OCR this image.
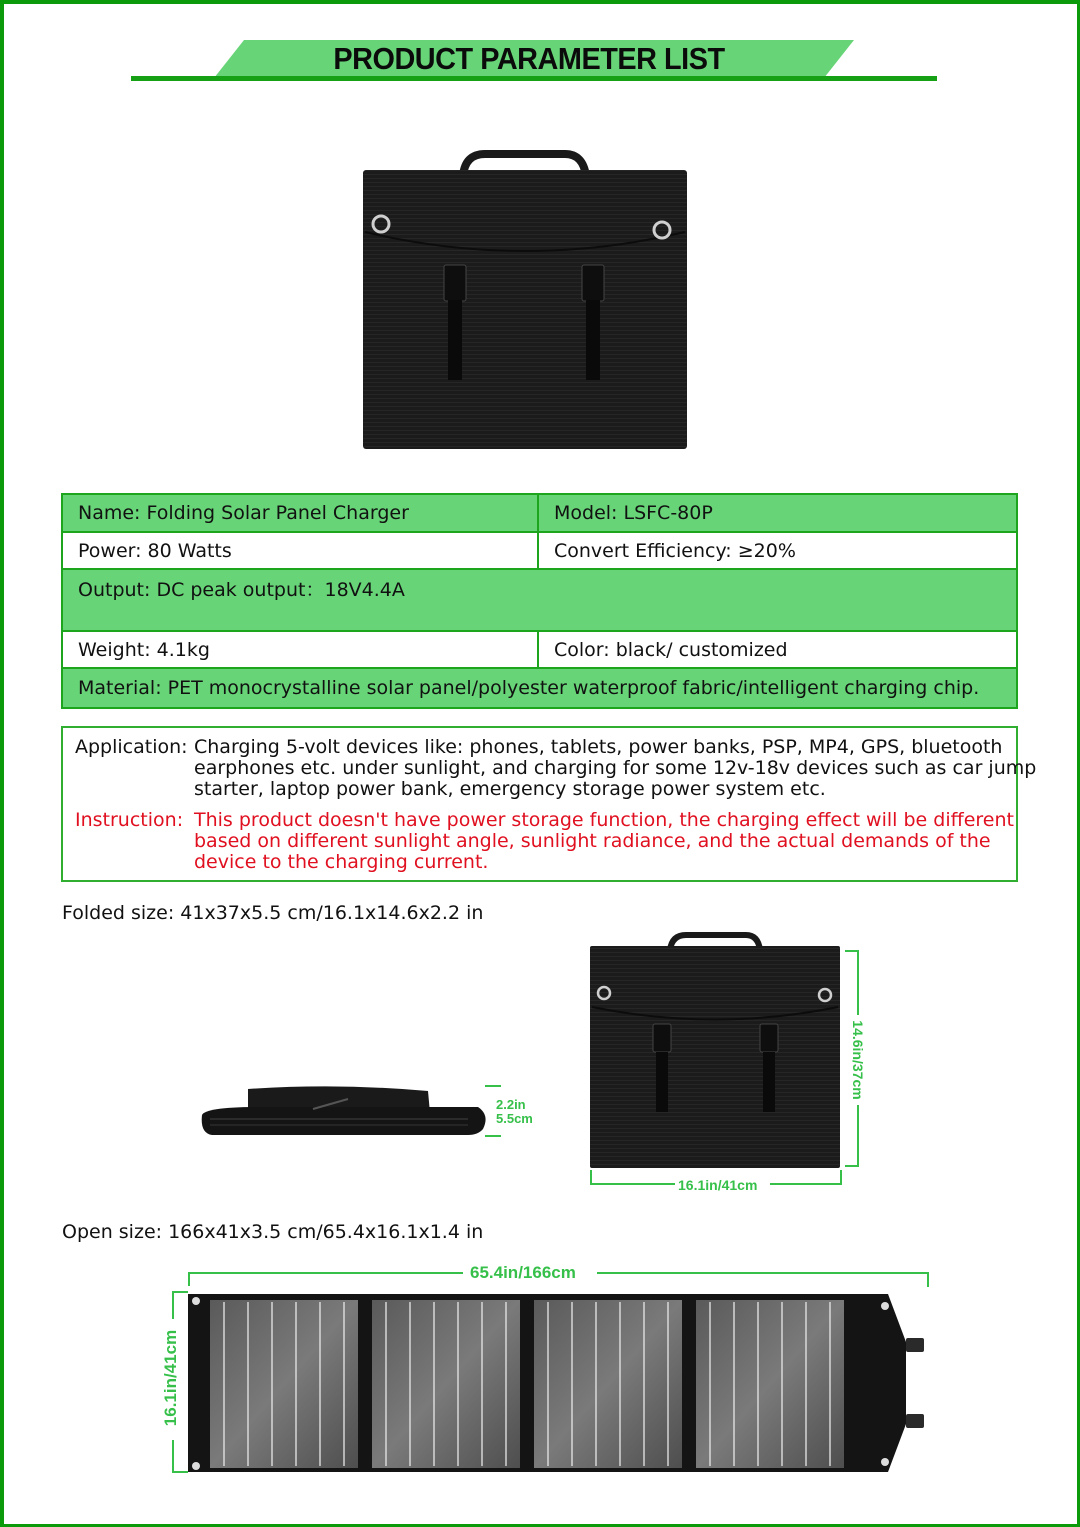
PRODUCT PARAMETER LIST
Name: Folding Solar Panel Charger	Model: LSFC-80P
Power: 80 Watts	Convert Efficiency: ≥20%
Output: DC peak output：18V4.4A
Weight: 4.1kg	Color: black/ customized
Material: PET monocrystalline solar panel/polyester waterproof fabric/intelligent charging chip.
Application: Charging 5-volt devices like: phones, tablets, power banks, PSP, MP4, GPS, bluetooth
earphones etc. under sunlight, and charging for some 12v-18v devices such as car jump
starter, laptop power bank, emergency storage power system etc.
Instruction: This product doesn't have power storage function, the charging effect will be different
based on different sunlight angle, sunlight radiance, and the actual demands of the
device to the charging current.
Folded size: 41x37x5.5 cm/16.1x14.6x2.2 in
2.2in
5.5cm
14.6in/37cm
16.1in/41cm
Open size: 166x41x3.5 cm/65.4x16.1x1.4 in
65.4in/166cm
16.1in/41cm
